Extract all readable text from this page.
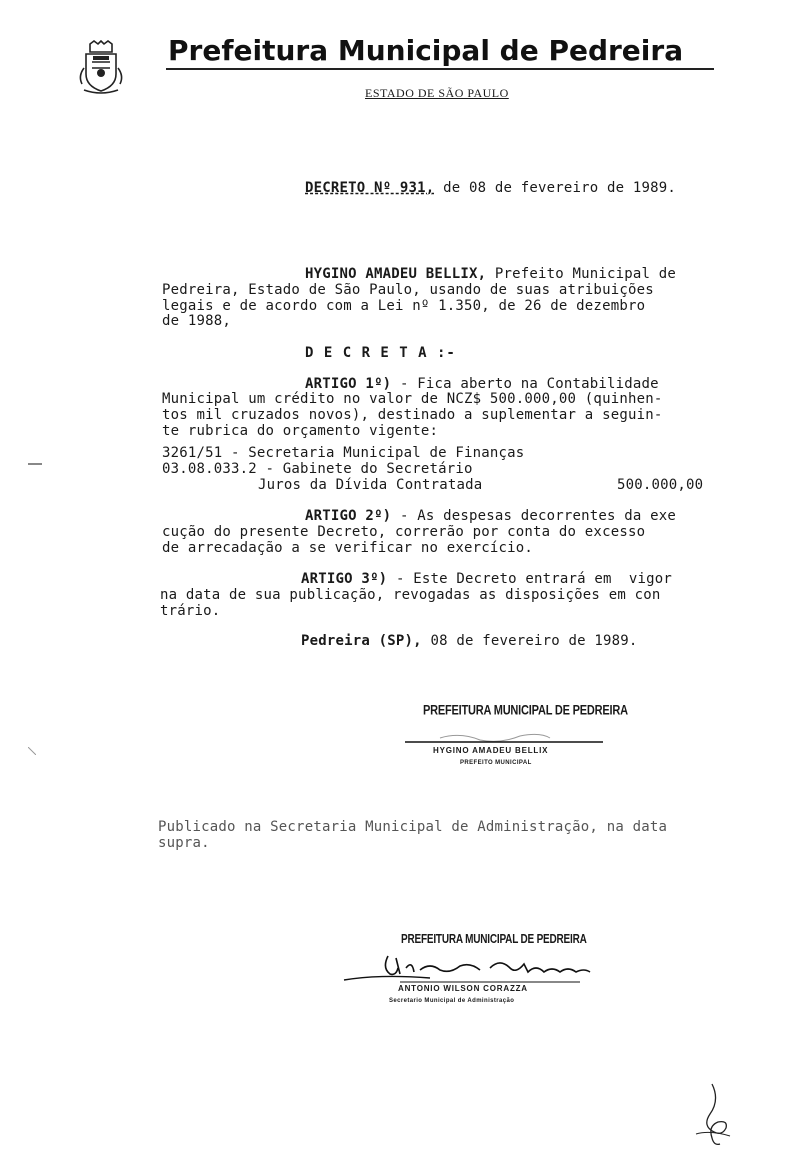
Prefeitura Municipal de Pedreira
ESTADO DE SÃO PAULO
DECRETO Nº 931, de 08 de fevereiro de 1989.
HYGINO AMADEU BELLIX, Prefeito Municipal de
Pedreira, Estado de São Paulo, usando de suas atribuições
legais e de acordo com a Lei nº 1.350, de 26 de dezembro
de 1988,
D E C R E T A :-
ARTIGO 1º) - Fica aberto na Contabilidade
Municipal um crédito no valor de NCZ$ 500.000,00 (quinhen-
tos mil cruzados novos), destinado a suplementar a seguin-
te rubrica do orçamento vigente:
3261/51 - Secretaria Municipal de Finanças
03.08.033.2 - Gabinete do Secretário
Juros da Dívida Contratada	500.000,00
ARTIGO 2º) - As despesas decorrentes da exe
cução do presente Decreto, correrão por conta do excesso
de arrecadação a se verificar no exercício.
ARTIGO 3º) - Este Decreto entrará em  vigor
na data de sua publicação, revogadas as disposições em con
trário.
Pedreira (SP), 08 de fevereiro de 1989.
PREFEITURA MUNICIPAL DE PEDREIRA
HYGINO AMADEU BELLIX
PREFEITO MUNICIPAL
Publicado na Secretaria Municipal de Administração, na data
supra.
PREFEITURA MUNICIPAL DE PEDREIRA
ANTONIO WILSON CORAZZA
Secretario Municipal de Administração
